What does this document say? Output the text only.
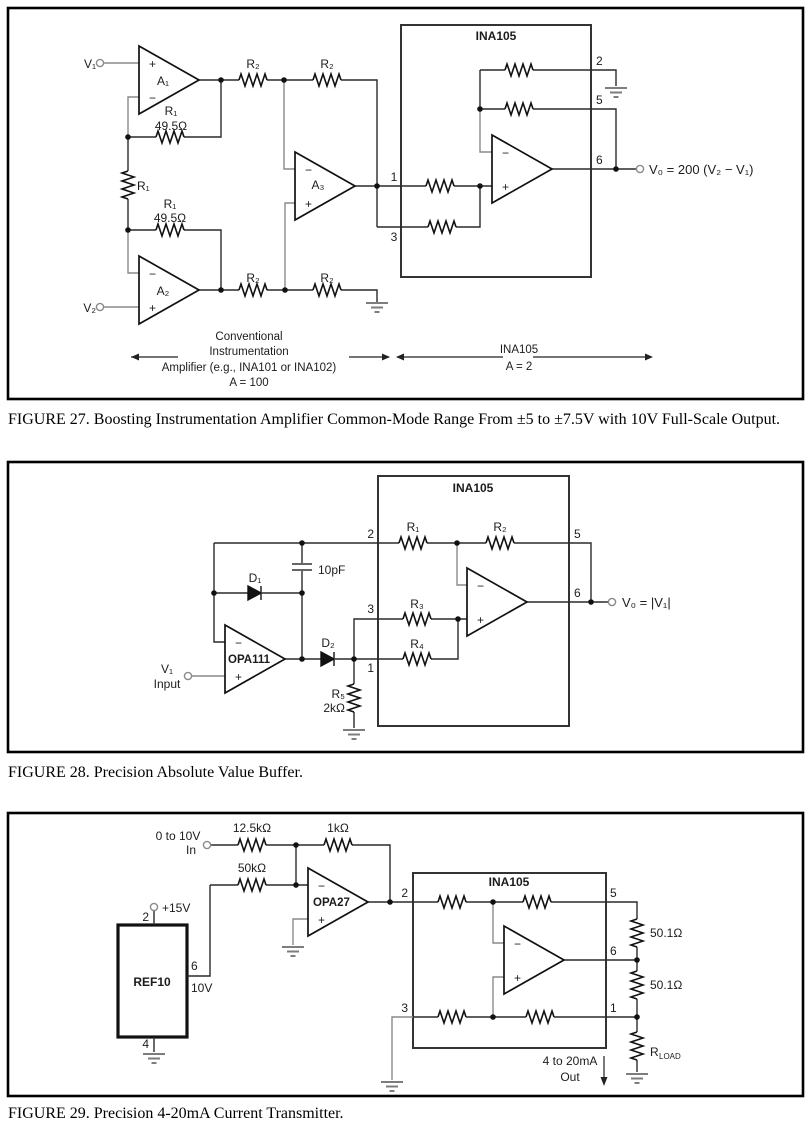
V₁
V₂
A₁
A₂
A₃
+
−
−
+
−
+
−
+
R₂	R₂
R₂	R₂
R₁
49.5Ω
R₁
49.5Ω
R₁
INA105
1
3
2
5
6
V₀ = 200 (V₂ − V₁)
Conventional
Instrumentation
Amplifier (e.g., INA101 or INA102)
A = 100
INA105
A = 2
FIGURE 27. Boosting Instrumentation Amplifier Common-Mode Range From ±5 to ±7.5V with 10V Full-Scale Output.
INA105
R₁	R₂
R₃
R₄
R₅
2kΩ
10pF
D₁
D₂
V₁
Input
OPA111
−
+
−
+
2
3
1
5
6
V₀ = |V₁|
FIGURE 28. Precision Absolute Value Buffer.
0 to 10V
In
12.5kΩ	1kΩ
50kΩ
OPA27
−
+
REF10
+15V
2
6
10V
4
INA105
−
+
2
3
5
6
1
50.1Ω
50.1Ω
R LOAD
4 to 20mA
Out
FIGURE 29. Precision 4-20mA Current Transmitter.
